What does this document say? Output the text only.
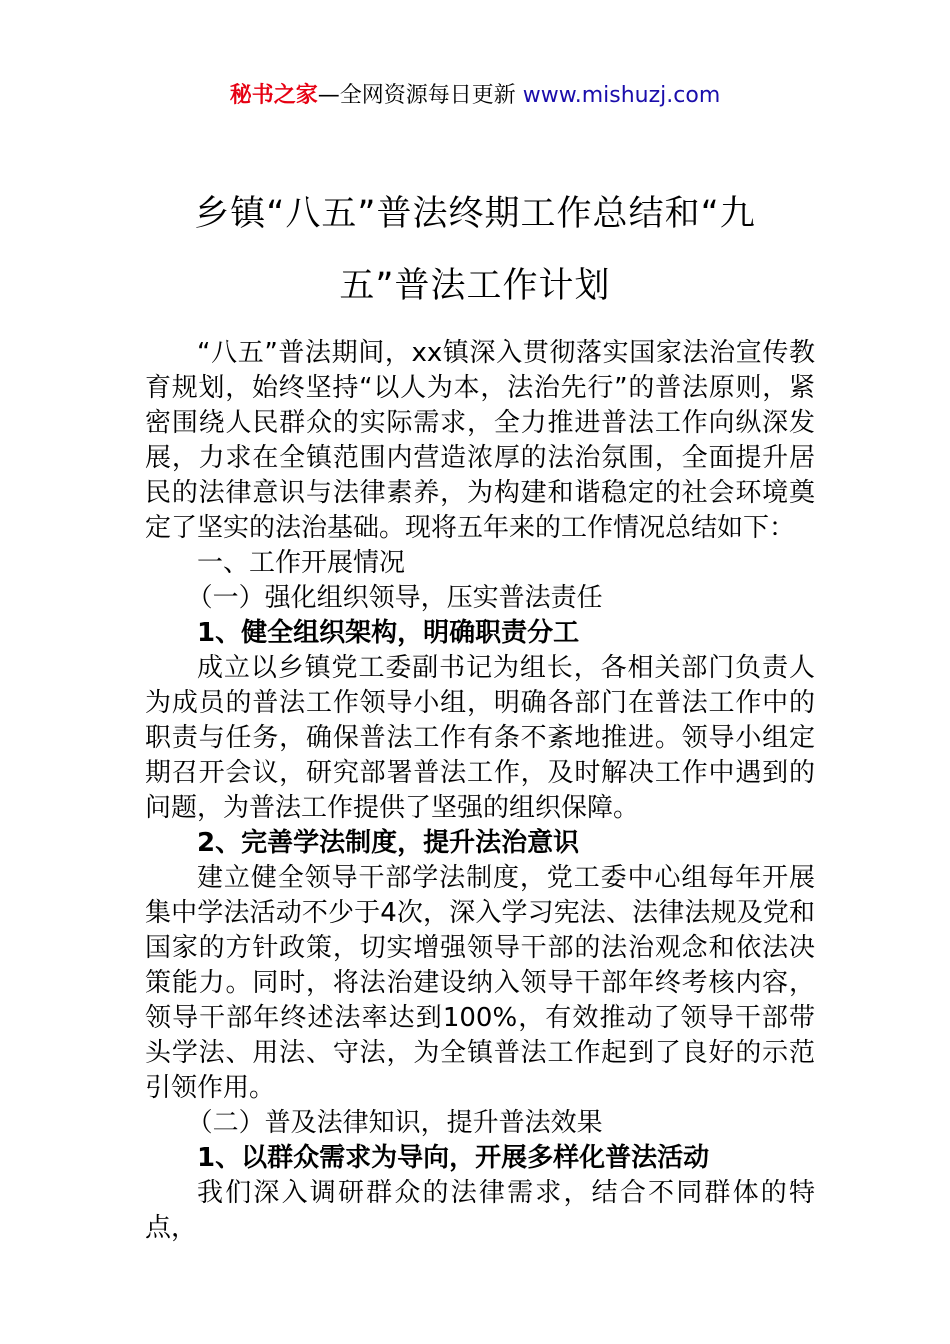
秘书之家—全网资源每日更新 www.mishuzj.com
乡镇“八五”普法终期工作总结和“九
五”普法工作计划

“八五”普法期间，xx镇深入贯彻落实国家法治宣传教育规划，始终坚持“以人为本，法治先行”的普法原则，紧密围绕人民群众的实际需求，全力推进普法工作向纵深发展，力求在全镇范围内营造浓厚的法治氛围，全面提升居民的法律意识与法律素养，为构建和谐稳定的社会环境奠定了坚实的法治基础。现将五年来的工作情况总结如下：

一、工作开展情况

（一）强化组织领导，压实普法责任

1、健全组织架构，明确职责分工

成立以乡镇党工委副书记为组长，各相关部门负责人为成员的普法工作领导小组，明确各部门在普法工作中的职责与任务，确保普法工作有条不紊地推进。领导小组定期召开会议，研究部署普法工作，及时解决工作中遇到的问题，为普法工作提供了坚强的组织保障。

2、完善学法制度，提升法治意识

建立健全领导干部学法制度，党工委中心组每年开展集中学法活动不少于4次，深入学习宪法、法律法规及党和国家的方针政策，切实增强领导干部的法治观念和依法决策能力。同时，将法治建设纳入领导干部年终考核内容，领导干部年终述法率达到100%，有效推动了领导干部带头学法、用法、守法，为全镇普法工作起到了良好的示范引领作用。

（二）普及法律知识，提升普法效果

1、以群众需求为导向，开展多样化普法活动

我们深入调研群众的法律需求，结合不同群体的特点，
